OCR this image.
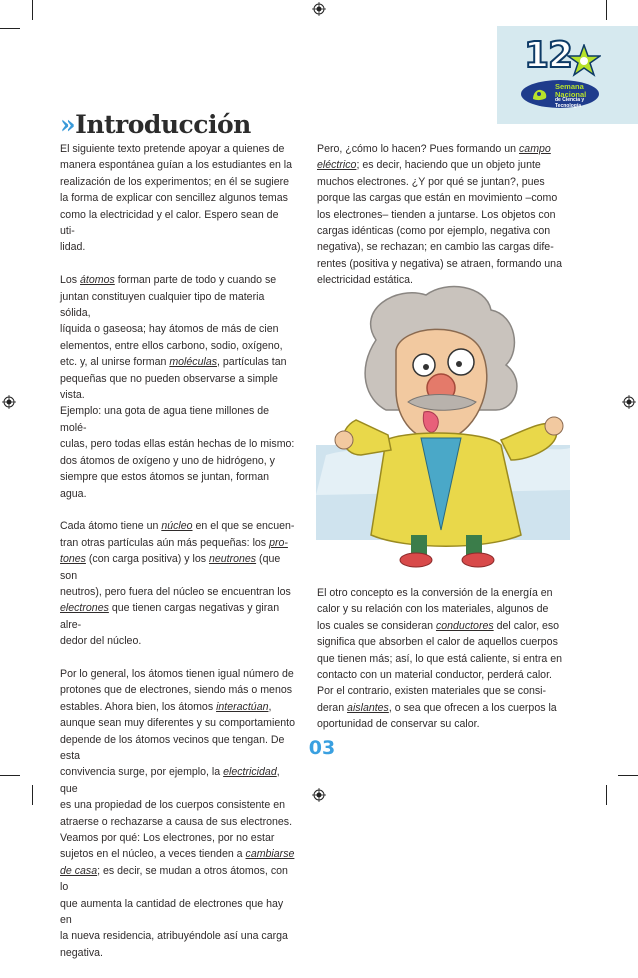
12
Semana
Nacional
de Ciencia y
Tecnología
»Introducción

El siguiente texto pretende apoyar a quienes de
manera espontánea guían a los estudiantes en la
realización de los experimentos; en él se sugiere
la forma de explicar con sencillez algunos temas
como la electricidad y el calor. Espero sean de uti-
lidad.

Los átomos forman parte de todo y cuando se
juntan constituyen cualquier tipo de materia sólida,
líquida o gaseosa; hay átomos de más de cien
elementos, entre ellos carbono, sodio, oxígeno,
etc. y, al unirse forman moléculas, partículas tan
pequeñas que no pueden observarse a simple vista.
Ejemplo: una gota de agua tiene millones de molé-
culas, pero todas ellas están hechas de lo mismo:
dos átomos de oxígeno y uno de hidrógeno, y
siempre que estos átomos se juntan, forman agua.

Cada átomo tiene un núcleo en el que se encuen-
tran otras partículas aún más pequeñas: los pro-
tones (con carga positiva) y los neutrones (que son
neutros), pero fuera del núcleo se encuentran los
electrones que tienen cargas negativas y giran alre-
dedor del núcleo.

Por lo general, los átomos tienen igual número de
protones que de electrones, siendo más o menos
estables. Ahora bien, los átomos interactúan,
aunque sean muy diferentes y su comportamiento
depende de los átomos vecinos que tengan. De esta
convivencia surge, por ejemplo, la electricidad, que
es una propiedad de los cuerpos consistente en
atraerse o rechazarse a causa de sus electrones.
Veamos por qué: Los electrones, por no estar
sujetos en el núcleo, a veces tienden a cambiarse
de casa; es decir, se mudan a otros átomos, con lo
que aumenta la cantidad de electrones que hay en
la nueva residencia, atribuyéndole así una carga
negativa.

Pero, ¿cómo lo hacen? Pues formando un campo
eléctrico; es decir, haciendo que un objeto junte
muchos electrones. ¿Y por qué se juntan?, pues
porque las cargas que están en movimiento –como
los electrones– tienden a juntarse. Los objetos con
cargas idénticas (como por ejemplo, negativa con
negativa), se rechazan; en cambio las cargas dife-
rentes (positiva y negativa) se atraen, formando una
electricidad estática.

El otro concepto es la conversión de la energía en
calor y su relación con los materiales, algunos de
los cuales se consideran conductores del calor, eso
significa que absorben el calor de aquellos cuerpos
que tienen más; así, lo que está caliente, si entra en
contacto con un material conductor, perderá calor.
Por el contrario, existen materiales que se consi-
deran aislantes, o sea que ofrecen a los cuerpos la
oportunidad de conservar su calor.

03
